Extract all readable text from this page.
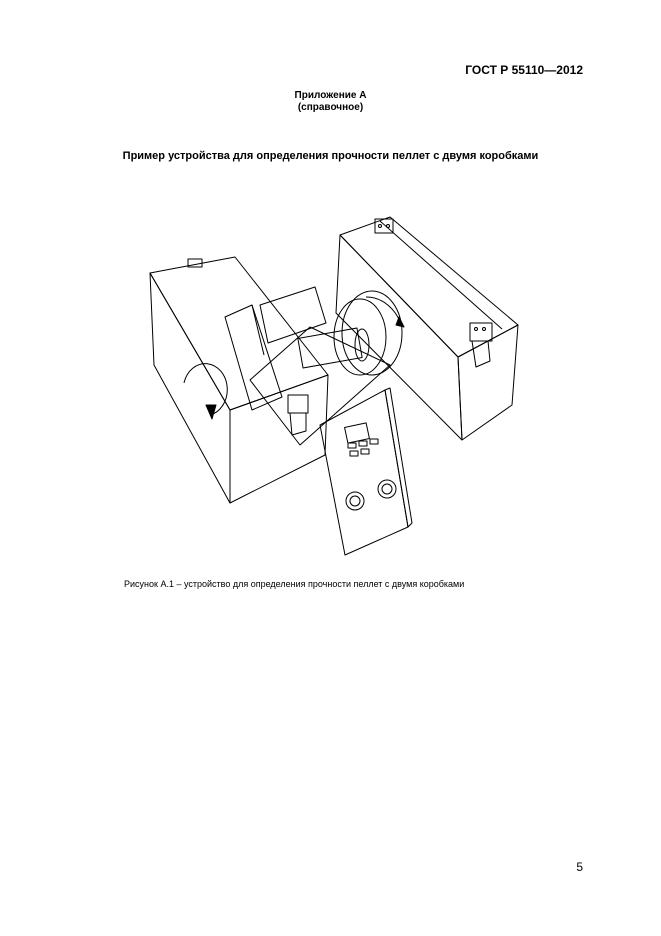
ГОСТ Р 55110—2012
Приложение А
(справочное)
Пример устройства для определения прочности пеллет с двумя коробками
Рисунок А.1 – устройство для определения прочности пеллет с двумя коробками
5
